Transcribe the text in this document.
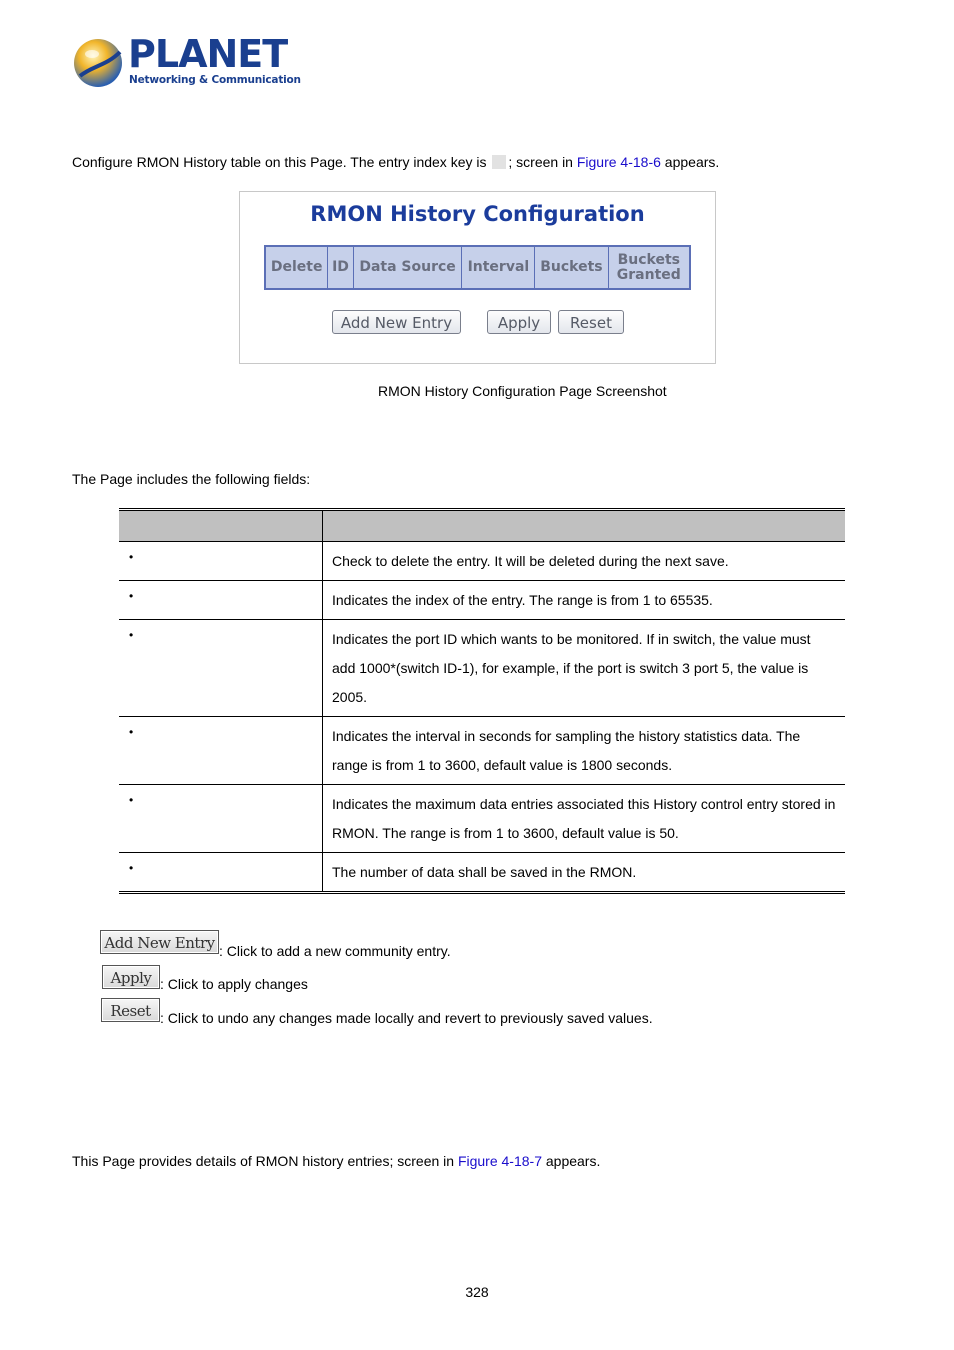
PLANET
Networking & Communication
Configure RMON History table on this Page. The entry index key is ; screen in Figure 4-18-6 appears.
RMON History Configuration
Delete	ID	Data Source	Interval	Buckets	Buckets
Granted
Add New Entry	Apply	Reset
RMON History Configuration Page Screenshot
The Page includes the following fields:

•	Check to delete the entry. It will be deleted during the next save.

•	Indicates the index of the entry. The range is from 1 to 65535.

•	Indicates the port ID which wants to be monitored. If in switch, the value must
add 1000*(switch ID-1), for example, if the port is switch 3 port 5, the value is
2005.

•	Indicates the interval in seconds for sampling the history statistics data. The
range is from 1 to 3600, default value is 1800 seconds.

•	Indicates the maximum data entries associated this History control entry stored in
RMON. The range is from 1 to 3600, default value is 50.

•	The number of data shall be saved in the RMON.
Add New Entry : Click to add a new community entry.
Apply : Click to apply changes
Reset : Click to undo any changes made locally and revert to previously saved values.
This Page provides details of RMON history entries; screen in Figure 4-18-7 appears.
328
